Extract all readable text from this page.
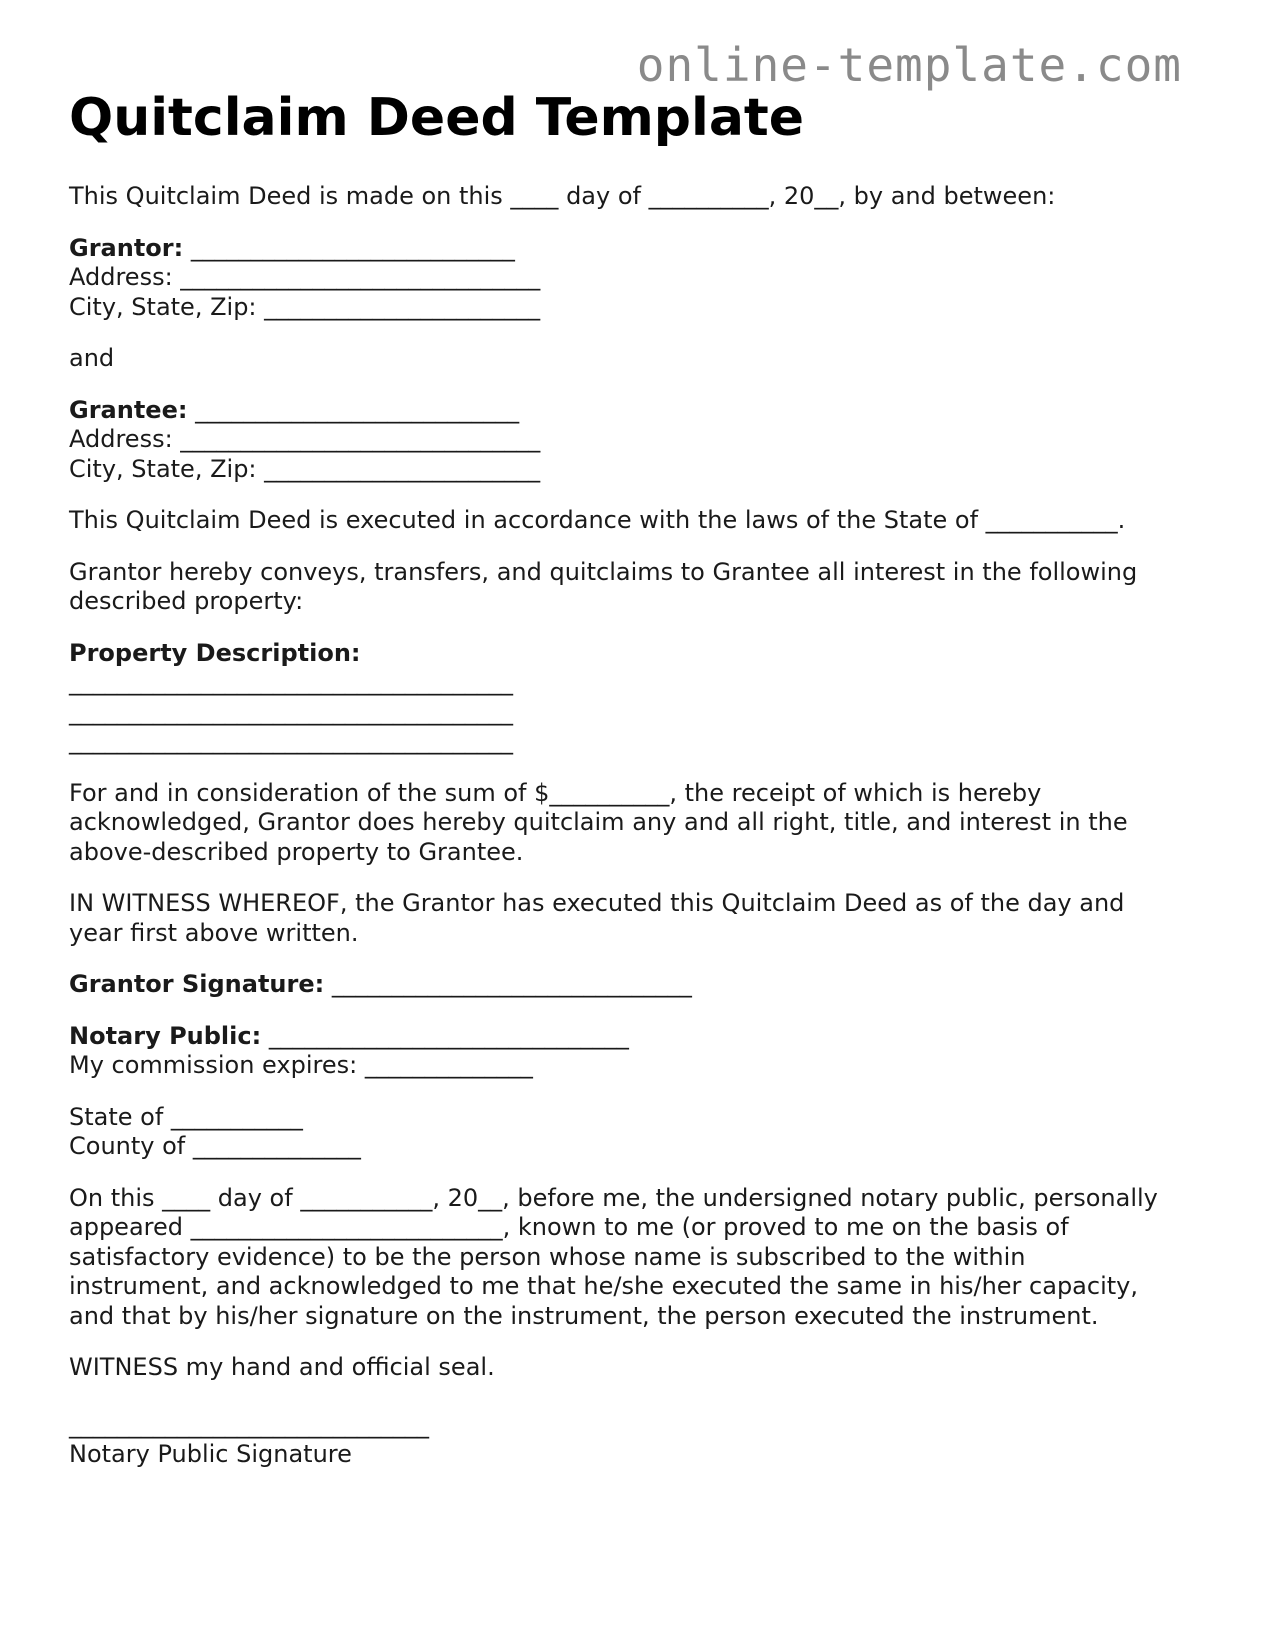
online-template.com
Quitclaim Deed Template

This Quitclaim Deed is made on this ____ day of __________, 20__, by and between:

Grantor: ___________________________
Address: ______________________________
City, State, Zip: _______________________

and

Grantee: ___________________________
Address: ______________________________
City, State, Zip: _______________________

This Quitclaim Deed is executed in accordance with the laws of the State of ___________.

Grantor hereby conveys, transfers, and quitclaims to Grantee all interest in the following
described property:

Property Description:
_____________________________________
_____________________________________
_____________________________________

For and in consideration of the sum of $__________, the receipt of which is hereby
acknowledged, Grantor does hereby quitclaim any and all right, title, and interest in the
above-described property to Grantee.

IN WITNESS WHEREOF, the Grantor has executed this Quitclaim Deed as of the day and
year first above written.

Grantor Signature: ______________________________

Notary Public: ______________________________
My commission expires: ______________

State of ___________
County of ______________

On this ____ day of ___________, 20__, before me, the undersigned notary public, personally
appeared __________________________, known to me (or proved to me on the basis of
satisfactory evidence) to be the person whose name is subscribed to the within
instrument, and acknowledged to me that he/she executed the same in his/her capacity,
and that by his/her signature on the instrument, the person executed the instrument.

WITNESS my hand and official seal.

______________________________
Notary Public Signature
